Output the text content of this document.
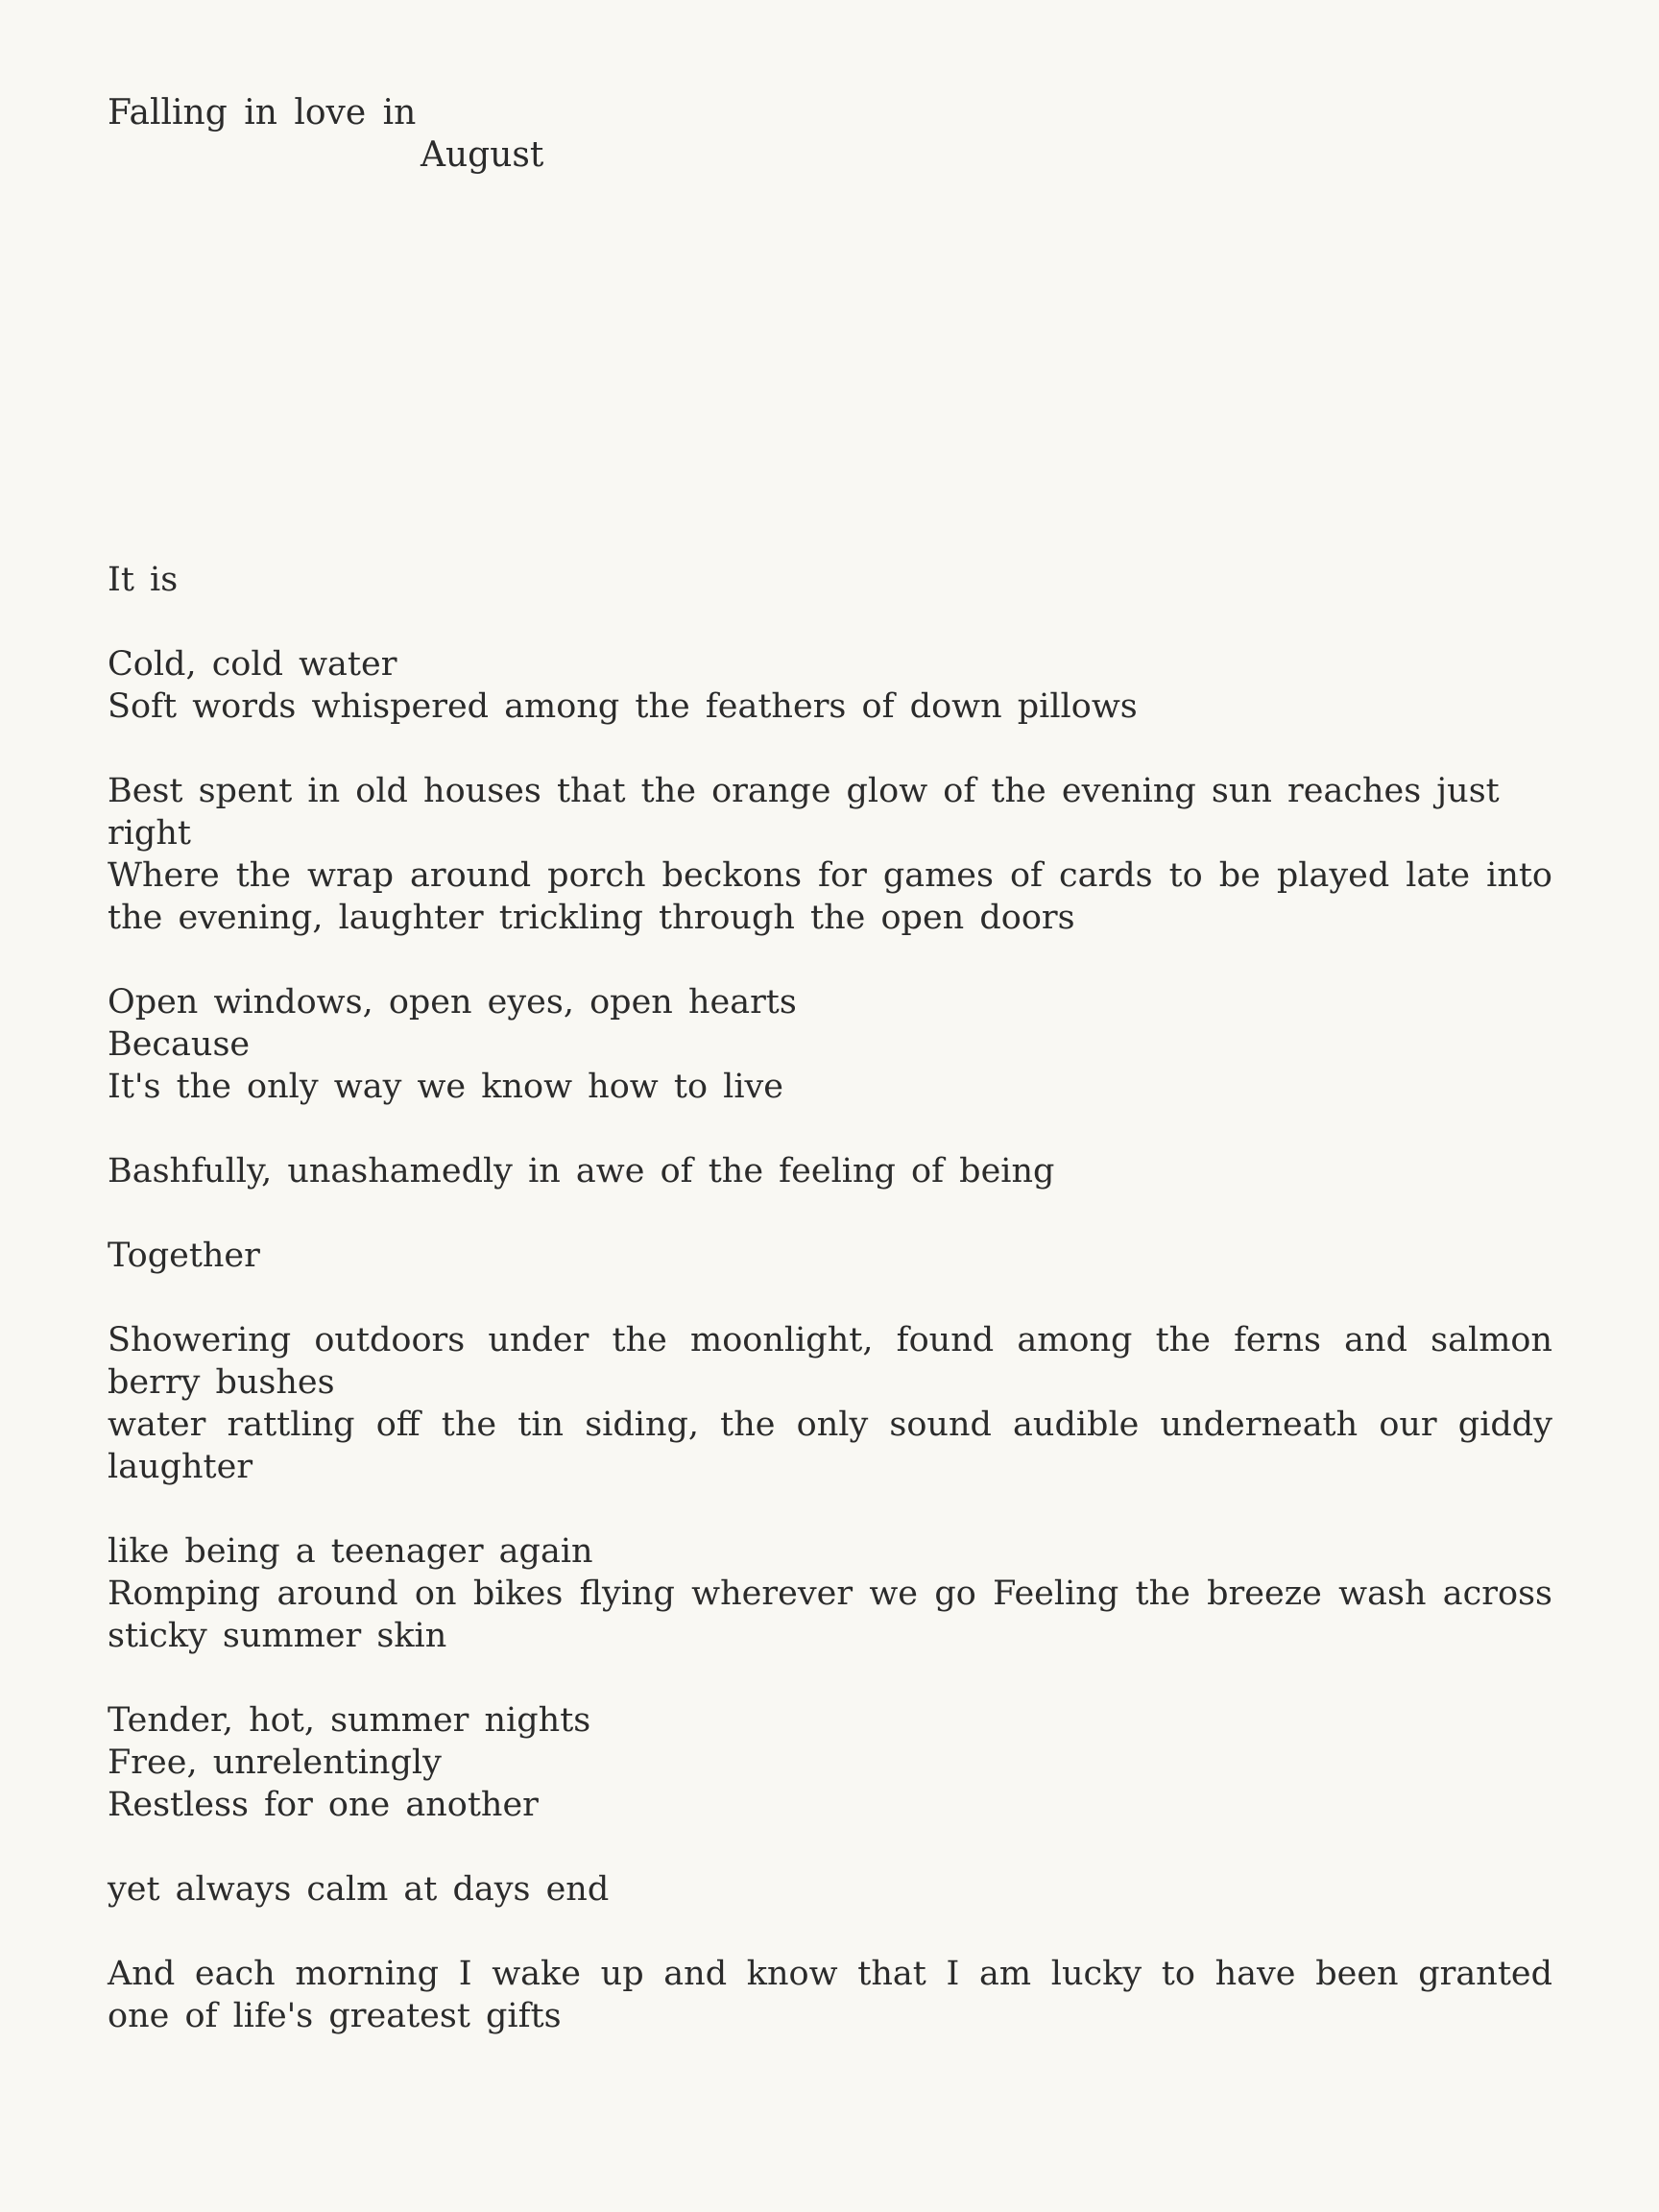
Falling in love in
August
It is
Cold, cold water
Soft words whispered among the feathers of down pillows
Best spent in old houses that the orange glow of the evening sun reaches just right
Where the wrap around porch beckons for games of cards to be played late into the evening, laughter trickling through the open doors
Open windows, open eyes, open hearts
Because
It's the only way we know how to live
Bashfully, unashamedly in awe of the feeling of being
Together
Showering outdoors under the moonlight, found among the ferns and salmon berry bushes
water rattling off the tin siding, the only sound audible underneath our giddy laughter
like being a teenager again
Romping around on bikes flying wherever we go Feeling the breeze wash across sticky summer skin
Tender, hot, summer nights
Free, unrelentingly
Restless for one another
yet always calm at days end
And each morning I wake up and know that I am lucky to have been granted one of life's greatest gifts
